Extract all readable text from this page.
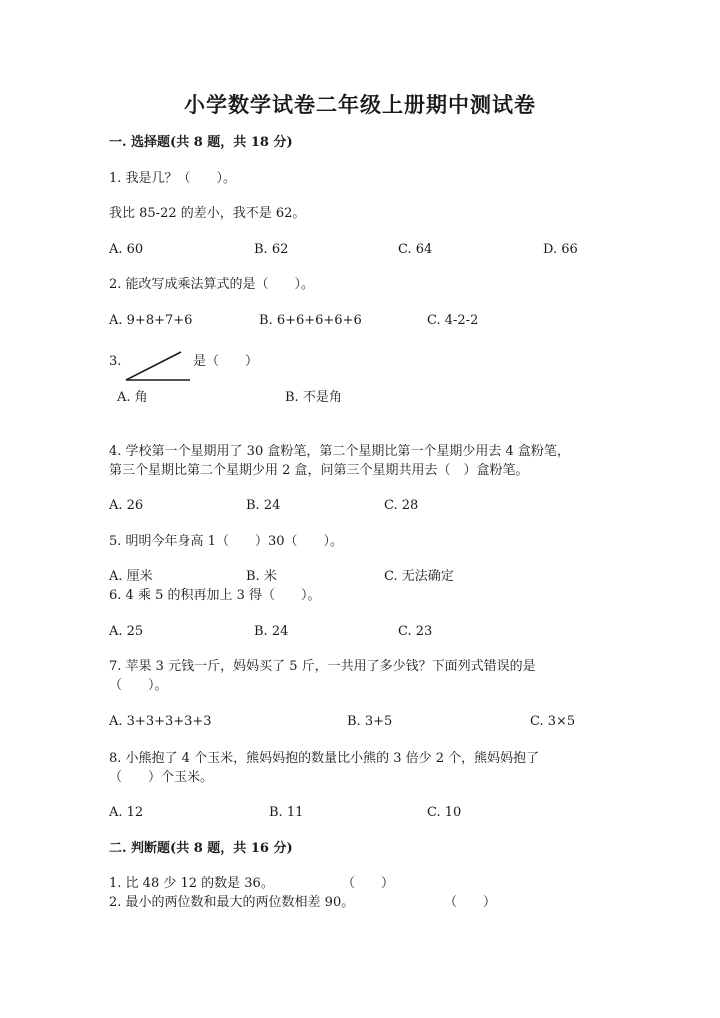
小学数学试卷二年级上册期中测试卷
一. 选择题(共 8 题，共 18 分)
1. 我是几？（　　）。
我比 85-22 的差小，我不是 62。
A. 60	B. 62	C. 64	D. 66
2. 能改写成乘法算式的是（　　）。
A. 9+8+7+6	B. 6+6+6+6+6	C. 4-2-2
3.	是（　　）
A. 角	B. 不是角
4. 学校第一个星期用了 30 盒粉笔，第二个星期比第一个星期少用去 4 盒粉笔，
第三个星期比第二个星期少用 2 盒，问第三个星期共用去（　）盒粉笔。
A. 26	B. 24	C. 28
5. 明明今年身高 1（　　）30（　　）。
A. 厘米	B. 米	C. 无法确定
6. 4 乘 5 的积再加上 3 得（　　）。
A. 25	B. 24	C. 23
7. 苹果 3 元钱一斤，妈妈买了 5 斤，一共用了多少钱？下面列式错误的是
（　　）。
A. 3+3+3+3+3	B. 3+5	C. 3×5
8. 小熊抱了 4 个玉米，熊妈妈抱的数量比小熊的 3 倍少 2 个，熊妈妈抱了
（　　）个玉米。
A. 12	B. 11	C. 10
二. 判断题(共 8 题，共 16 分)
1. 比 48 少 12 的数是 36。	（　　）
2. 最小的两位数和最大的两位数相差 90。	（　　）
